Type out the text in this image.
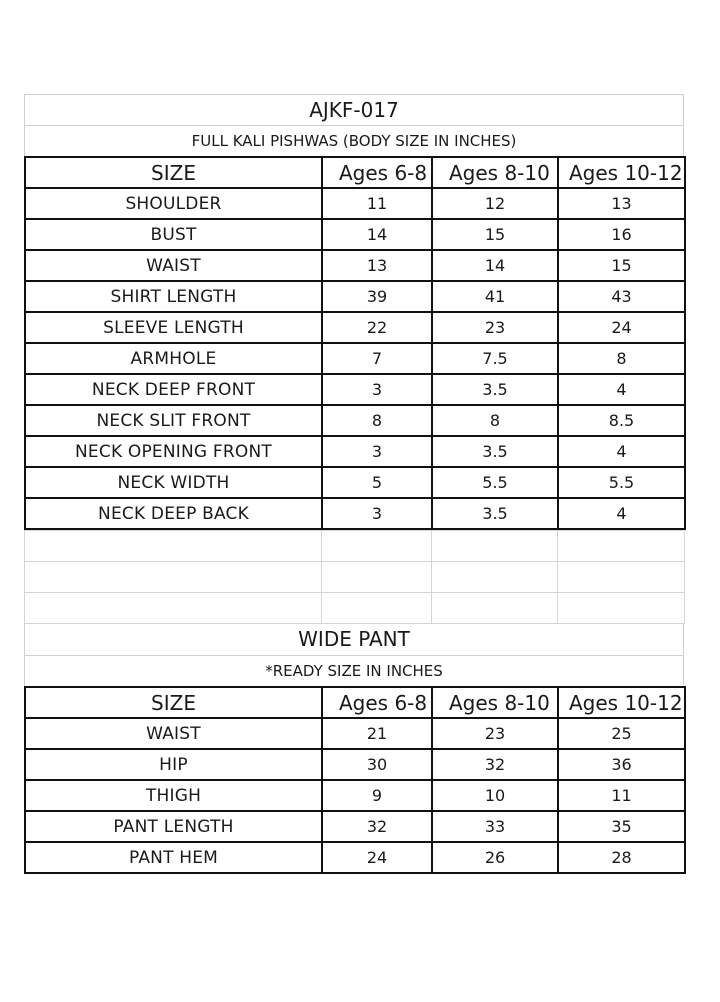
AJKF-017
FULL KALI PISHWAS (BODY SIZE IN INCHES)
SIZE	Ages 6-8	Ages 8-10	Ages 10-12
SHOULDER	11	12	13
BUST	14	15	16
WAIST	13	14	15
SHIRT LENGTH	39	41	43
SLEEVE LENGTH	22	23	24
ARMHOLE	7	7.5	8
NECK DEEP FRONT	3	3.5	4
NECK SLIT FRONT	8	8	8.5
NECK OPENING FRONT	3	3.5	4
NECK WIDTH	5	5.5	5.5
NECK DEEP BACK	3	3.5	4

WIDE PANT
*READY SIZE IN INCHES
SIZE	Ages 6-8	Ages 8-10	Ages 10-12
WAIST	21	23	25
HIP	30	32	36
THIGH	9	10	11
PANT LENGTH	32	33	35
PANT HEM	24	26	28
